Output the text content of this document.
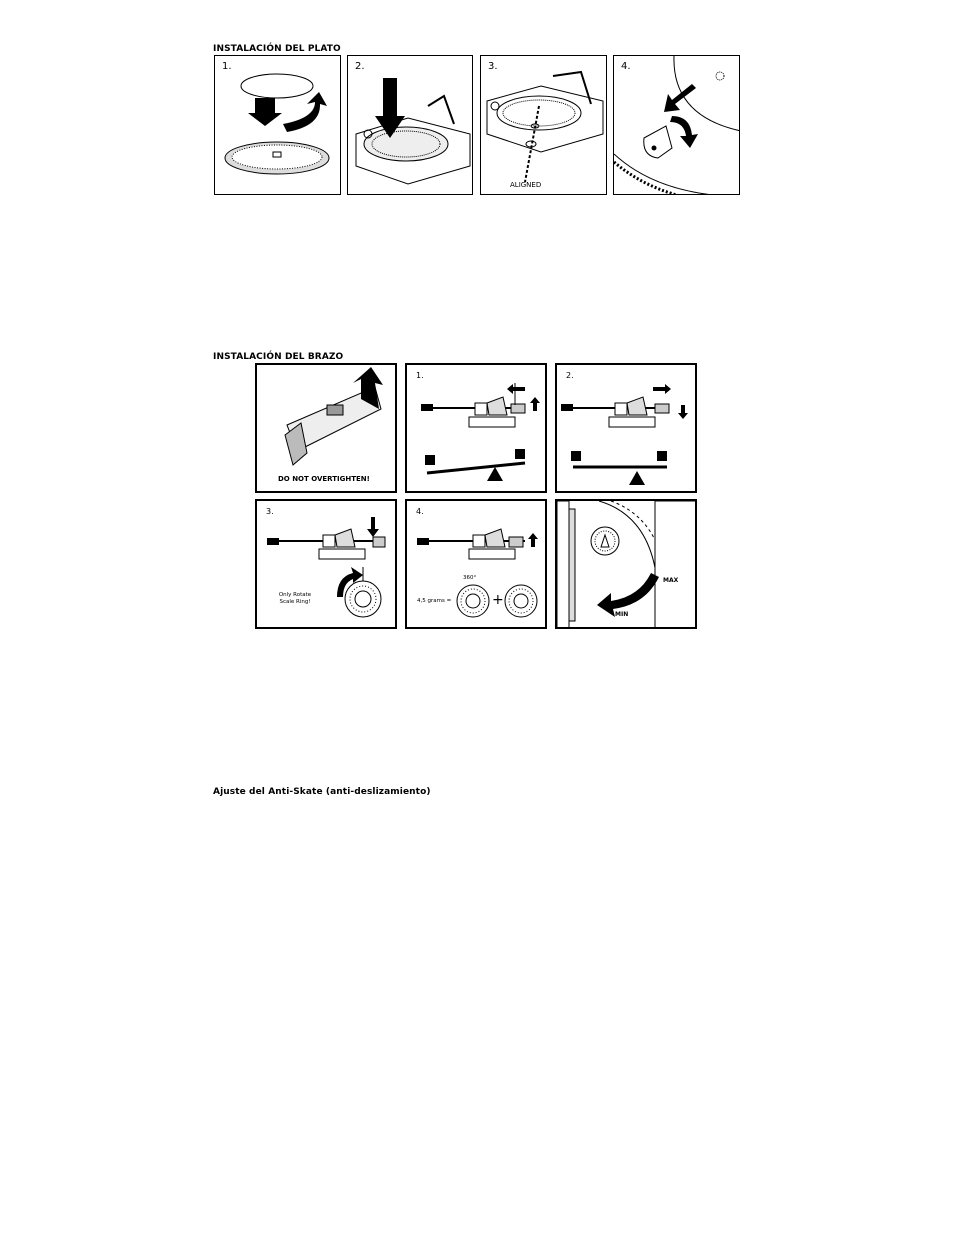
INSTALACIÓN DEL PLATO
1.	2.	3.
ALIGNED
4.
INSTALACIÓN DEL BRAZO
DO NOT OVERTIGHTEN!
1.	2.
3.
Only Rotate
Scale Ring!
4.
360°
4,5 grams =	+
MAX
MIN
Ajuste del Anti-Skate (anti-deslizamiento)
